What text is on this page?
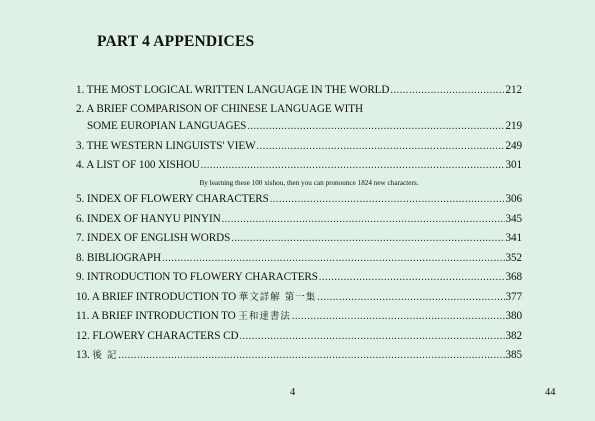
PART 4 APPENDICES
1. THE MOST LOGICAL WRITTEN LANGUAGE IN THE WORLD .....	212
2. A BRIEF COMPARISON OF CHINESE LANGUAGE WITH
SOME EUROPIAN LANGUAGES .....	219
3. THE WESTERN LINGUISTS' VIEW .....	249
4. A LIST OF 100 XISHOU .....	301
By learning these 100 xishou, then you can pronounce 1824 new characters.
5. INDEX OF FLOWERY CHARACTERS .....	306
6. INDEX OF HANYU PINYIN .....	345
7. INDEX OF ENGLISH WORDS .....	341
8. BIBLIOGRAPH .....	352
9. INTRODUCTION TO FLOWERY CHARACTERS .....	368
10. A BRIEF INTRODUCTION TO 華文詳解 第一集 .....	377
11. A BRIEF INTRODUCTION TO 王和達書法 .....	380
12. FLOWERY CHARACTERS CD .....	382
13. 後 記 .....	385
4	44
